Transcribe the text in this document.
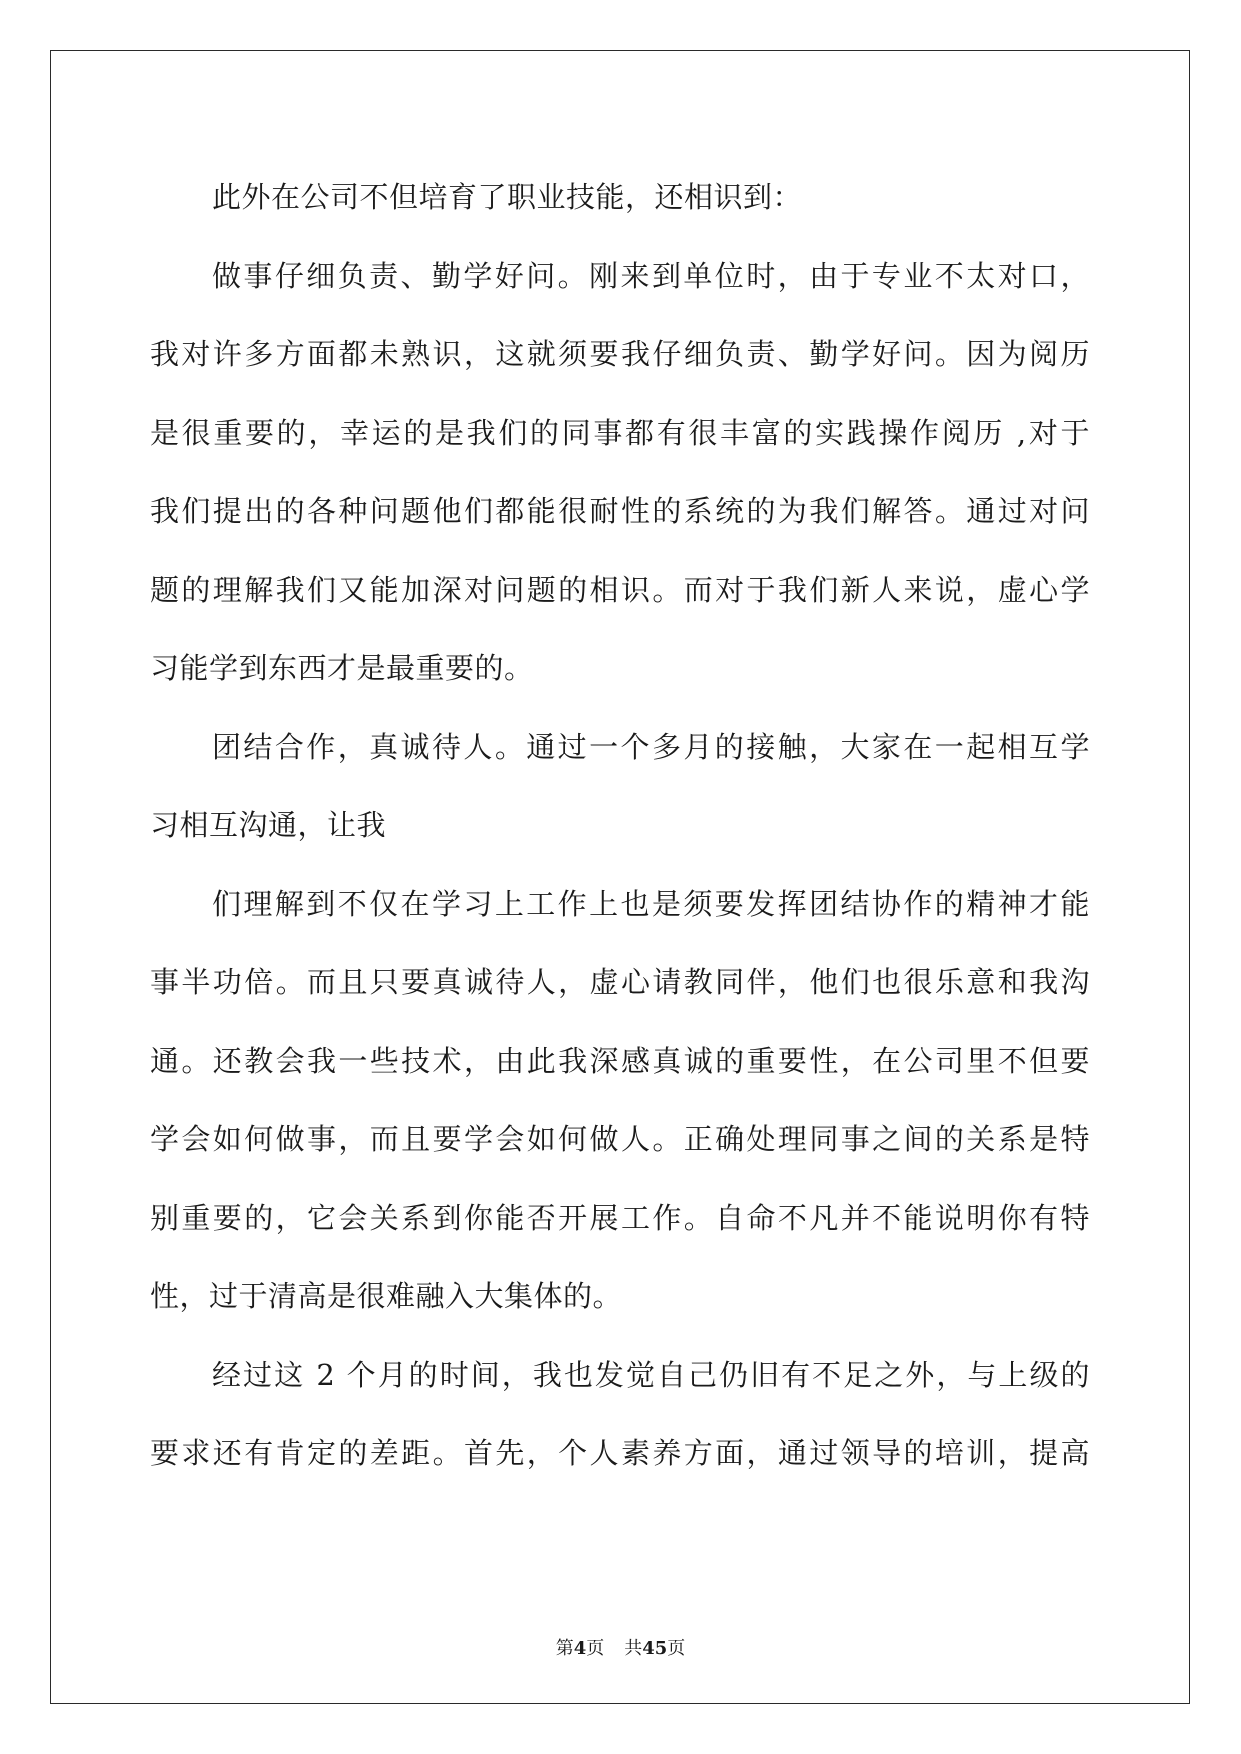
此外在公司不但培育了职业技能，还相识到：
做事仔细负责、勤学好问。刚来到单位时，由于专业不太对口，
我对许多方面都未熟识，这就须要我仔细负责、勤学好问。因为阅历
是很重要的，幸运的是我们的同事都有很丰富的实践操作阅历 ,对于
我们提出的各种问题他们都能很耐性的系统的为我们解答。通过对问
题的理解我们又能加深对问题的相识。而对于我们新人来说，虚心学
习能学到东西才是最重要的。
团结合作，真诚待人。通过一个多月的接触，大家在一起相互学
习相互沟通，让我
们理解到不仅在学习上工作上也是须要发挥团结协作的精神才能
事半功倍。而且只要真诚待人，虚心请教同伴，他们也很乐意和我沟
通。还教会我一些技术，由此我深感真诚的重要性，在公司里不但要
学会如何做事，而且要学会如何做人。正确处理同事之间的关系是特
别重要的，它会关系到你能否开展工作。自命不凡并不能说明你有特
性，过于清高是很难融入大集体的。
经过这 2 个月的时间，我也发觉自己仍旧有不足之外，与上级的
要求还有肯定的差距。首先，个人素养方面，通过领导的培训，提高
第4页 共45页
